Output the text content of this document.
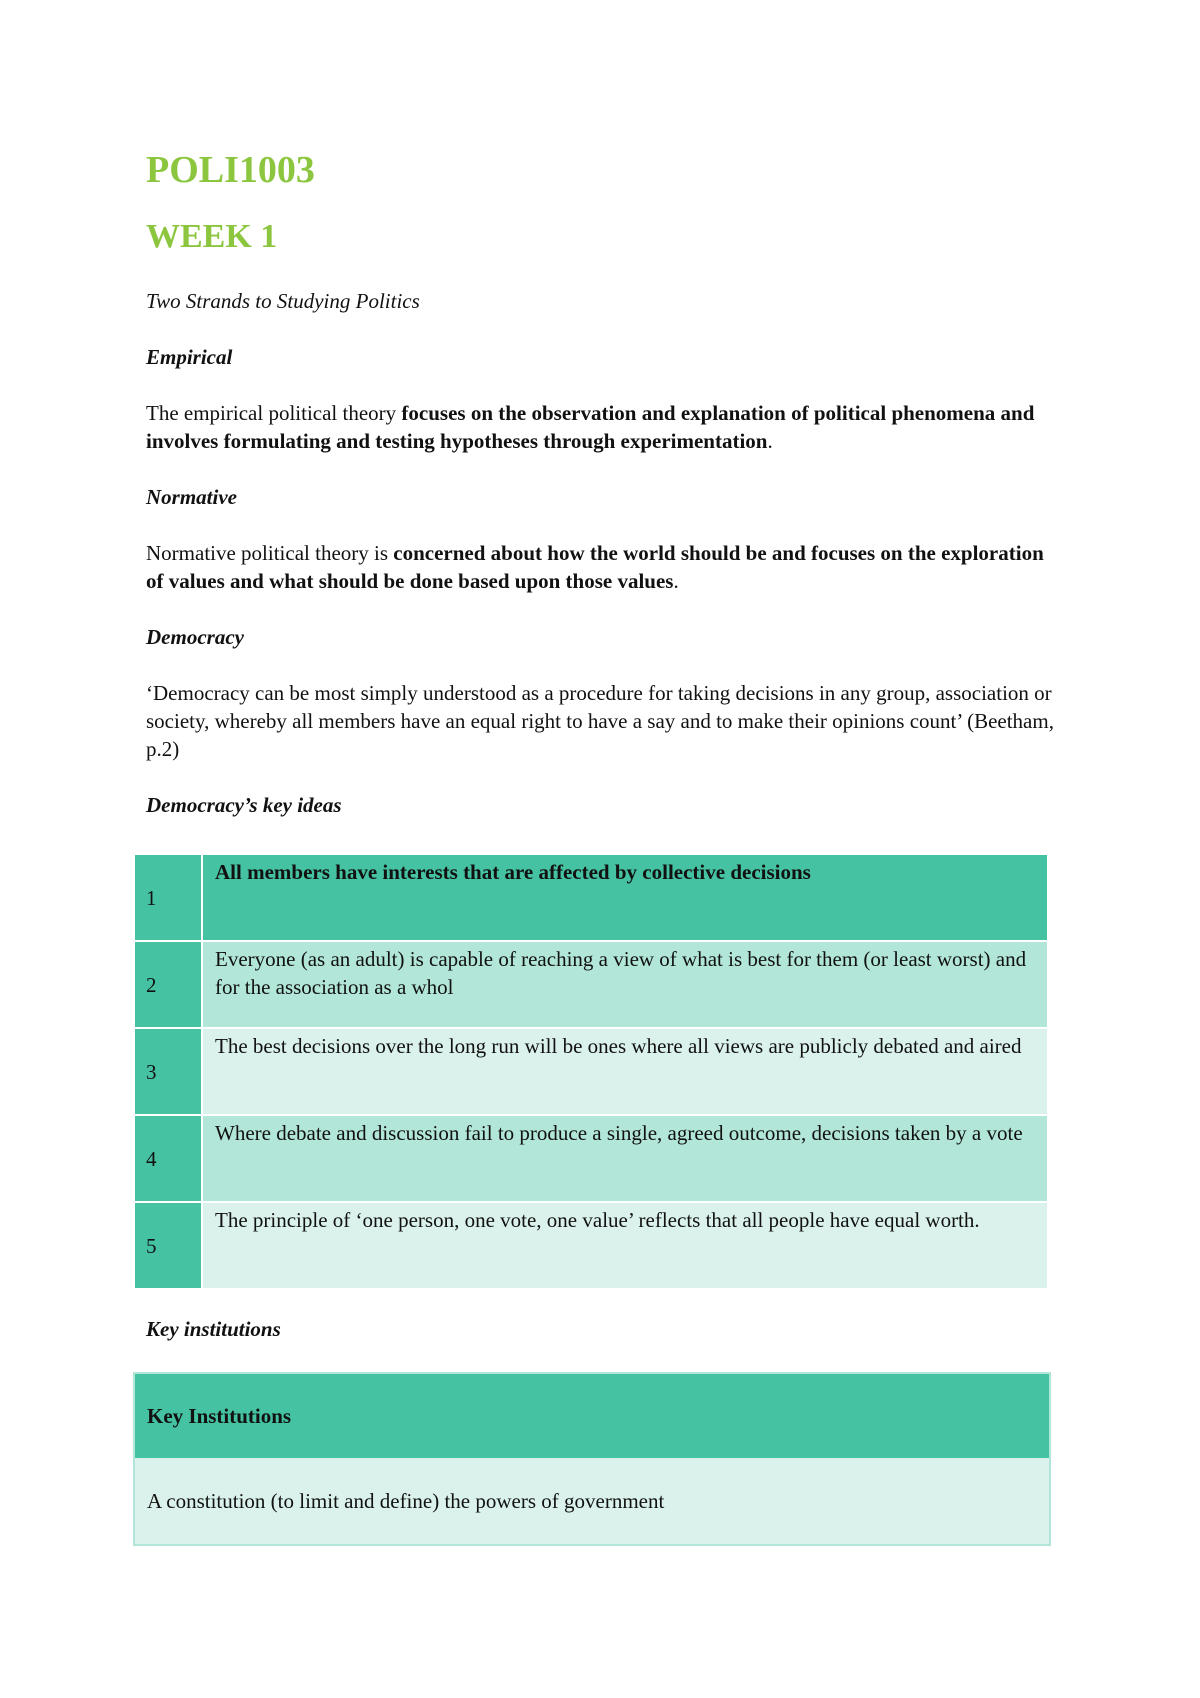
POLI1003
WEEK 1

Two Strands to Studying Politics

Empirical

The empirical political theory focuses on the observation and explanation of political phenomena and involves formulating and testing hypotheses through experimentation.

Normative

Normative political theory is concerned about how the world should be and focuses on the exploration of values and what should be done based upon those values.

Democracy

‘Democracy can be most simply understood as a procedure for taking decisions in any group, association or society, whereby all members have an equal right to have a say and to make their opinions count’ (Beetham, p.2)

Democracy’s key ideas

1
All members have interests that are affected by collective decisions
2
Everyone (as an adult) is capable of reaching a view of what is best for them (or least worst) and for the association as a whol
3
The best decisions over the long run will be ones where all views are publicly debated and aired
4
Where debate and discussion fail to produce a single, agreed outcome, decisions taken by a vote
5
The principle of ‘one person, one vote, one value’ reflects that all people have equal worth.

Key institutions

Key Institutions
A constitution (to limit and define) the powers of government
